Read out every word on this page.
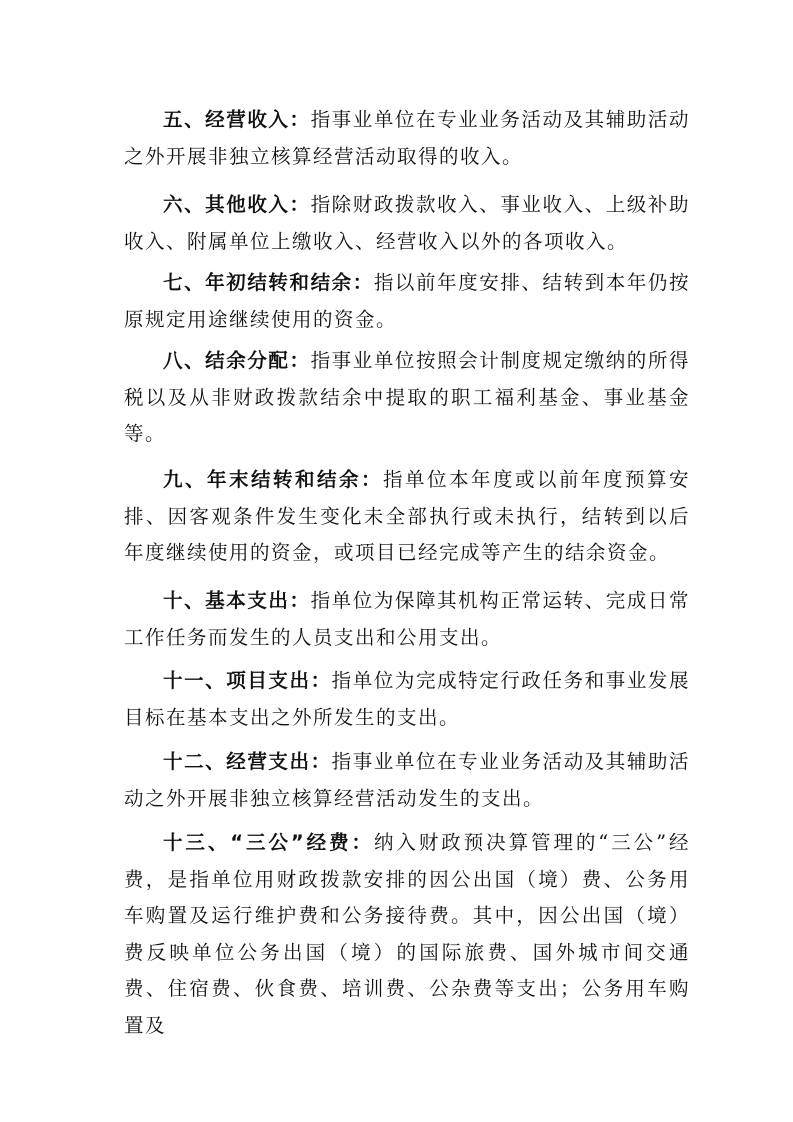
五、经营收入：指事业单位在专业业务活动及其辅助活动之外开展非独立核算经营活动取得的收入。

六、其他收入：指除财政拨款收入、事业收入、上级补助收入、附属单位上缴收入、经营收入以外的各项收入。

七、年初结转和结余：指以前年度安排、结转到本年仍按原规定用途继续使用的资金。

八、结余分配：指事业单位按照会计制度规定缴纳的所得税以及从非财政拨款结余中提取的职工福利基金、事业基金等。

九、年末结转和结余：指单位本年度或以前年度预算安排、因客观条件发生变化未全部执行或未执行，结转到以后年度继续使用的资金，或项目已经完成等产生的结余资金。

十、基本支出：指单位为保障其机构正常运转、完成日常工作任务而发生的人员支出和公用支出。

十一、项目支出：指单位为完成特定行政任务和事业发展目标在基本支出之外所发生的支出。

十二、经营支出：指事业单位在专业业务活动及其辅助活动之外开展非独立核算经营活动发生的支出。

十三、“三公”经费：纳入财政预决算管理的“三公”经费，是指单位用财政拨款安排的因公出国（境）费、公务用车购置及运行维护费和公务接待费。其中，因公出国（境）费反映单位公务出国（境）的国际旅费、国外城市间交通费、住宿费、伙食费、培训费、公杂费等支出；公务用车购置及
